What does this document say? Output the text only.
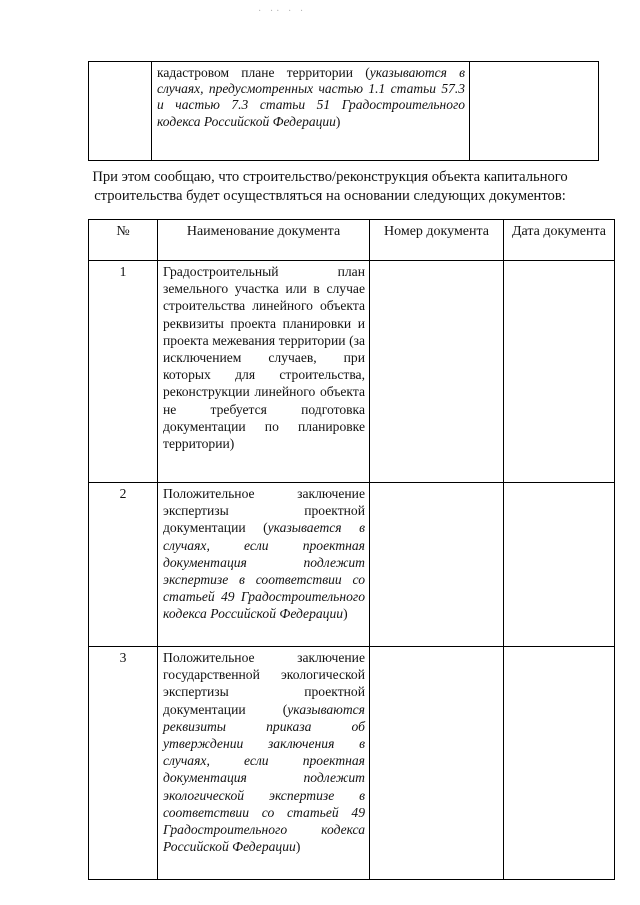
· ·· · ·
	кадастровом плане территории (указываются в случаях, предусмотренных частью 1.1 статьи 57.3 и частью 7.3 статьи 51 Градостроительного кодекса Российской Федерации)	
При этом сообщаю, что строительство/реконструкция объекта капитального строительства будет осуществляться на основании следующих документов:
№	Наименование документа	Номер документа	Дата документа
1	Градостроительный план земельного участка или в случае строительства линейного объекта реквизиты проекта планировки и проекта межевания территории (за исключением случаев, при которых для строительства, реконструкции линейного объекта не требуется подготовка документации по планировке территории)		
2	Положительное заключение экспертизы проектной документации (указывается в случаях, если проектная документация подлежит экспертизе в соответствии со статьей 49 Градостроительного кодекса Российской Федерации)		
3	Положительное заключение государственной экологической экспертизы проектной документации (указываются реквизиты приказа об утверждении заключения в случаях, если проектная документация подлежит экологической экспертизе в соответствии со статьей 49 Градостроительного кодекса Российской Федерации)		
